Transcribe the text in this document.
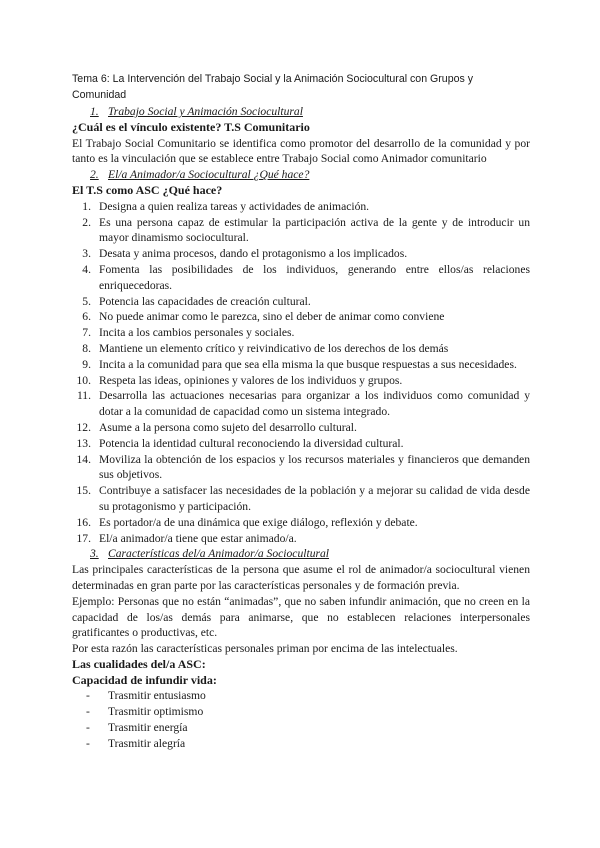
Tema 6: La Intervención del Trabajo Social y la Animación Sociocultural con Grupos y Comunidad
1. Trabajo Social y Animación Sociocultural
¿Cuál es el vínculo existente? T.S Comunitario

El Trabajo Social Comunitario se identifica como promotor del desarrollo de la comunidad y por tanto es la vinculación que se establece entre Trabajo Social como Animador comunitario

2. El/a Animador/a Sociocultural ¿Qué hace?
El T.S como ASC ¿Qué hace?
1. Designa a quien realiza tareas y actividades de animación.
2. Es una persona capaz de estimular la participación activa de la gente y de introducir un mayor dinamismo sociocultural.
3. Desata y anima procesos, dando el protagonismo a los implicados.
4. Fomenta las posibilidades de los individuos, generando entre ellos/as relaciones enriquecedoras.
5. Potencia las capacidades de creación cultural.
6. No puede animar como le parezca, sino el deber de animar como conviene
7. Incita a los cambios personales y sociales.
8. Mantiene un elemento crítico y reivindicativo de los derechos de los demás
9. Incita a la comunidad para que sea ella misma la que busque respuestas a sus necesidades.
10. Respeta las ideas, opiniones y valores de los individuos y grupos.
11. Desarrolla las actuaciones necesarias para organizar a los individuos como comunidad y dotar a la comunidad de capacidad como un sistema integrado.
12. Asume a la persona como sujeto del desarrollo cultural.
13. Potencia la identidad cultural reconociendo la diversidad cultural.
14. Moviliza la obtención de los espacios y los recursos materiales y financieros que demanden sus objetivos.
15. Contribuye a satisfacer las necesidades de la población y a mejorar su calidad de vida desde su protagonismo y participación.
16. Es portador/a de una dinámica que exige diálogo, reflexión y debate.
17. El/a animador/a tiene que estar animado/a.
3. Características del/a Animador/a Sociocultural

Las principales características de la persona que asume el rol de animador/a sociocultural vienen determinadas en gran parte por las características personales y de formación previa.

Ejemplo: Personas que no están “animadas”, que no saben infundir animación, que no creen en la capacidad de los/as demás para animarse, que no establecen relaciones interpersonales gratificantes o productivas, etc.

Por esta razón las características personales priman por encima de las intelectuales.

Las cualidades del/a ASC:
Capacidad de infundir vida:
-	Trasmitir entusiasmo
-	Trasmitir optimismo
-	Trasmitir energía
-	Trasmitir alegría
